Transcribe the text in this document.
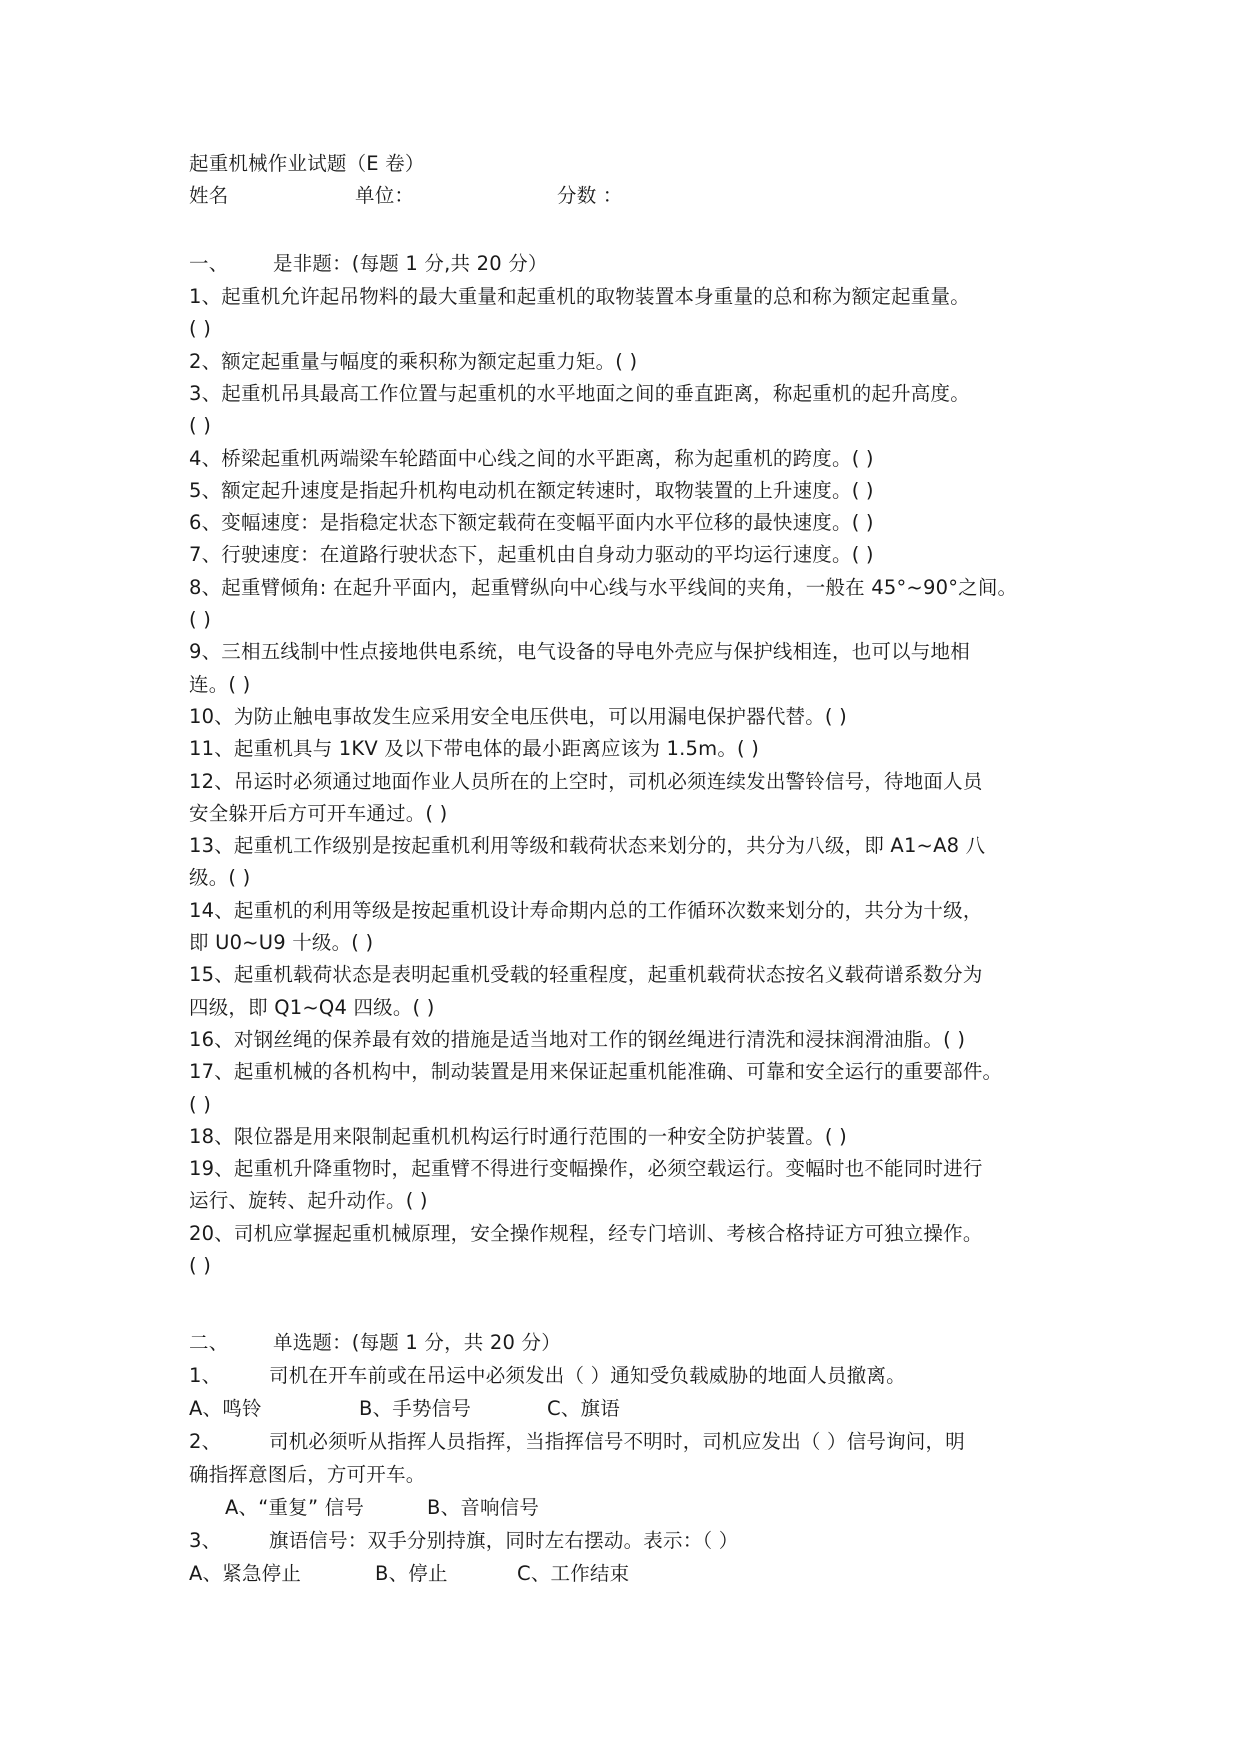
起重机械作业试题（E 卷）
姓名	单位：	分数 ：
一、 是非题：(每题 1 分,共 20 分）
1、起重机允许起吊物料的最大重量和起重机的取物装置本身重量的总和称为额定起重量。
( )
2、额定起重量与幅度的乘积称为额定起重力矩。( )
3、起重机吊具最高工作位置与起重机的水平地面之间的垂直距离，称起重机的起升高度。
( )
4、桥梁起重机两端梁车轮踏面中心线之间的水平距离，称为起重机的跨度。( )
5、额定起升速度是指起升机构电动机在额定转速时，取物装置的上升速度。( )
6、变幅速度：是指稳定状态下额定载荷在变幅平面内水平位移的最快速度。( )
7、行驶速度：在道路行驶状态下，起重机由自身动力驱动的平均运行速度。( )
8、起重臂倾角: 在起升平面内，起重臂纵向中心线与水平线间的夹角，一般在 45°~90°之间。
( )
9、三相五线制中性点接地供电系统，电气设备的导电外壳应与保护线相连，也可以与地相
连。( )
10、为防止触电事故发生应采用安全电压供电，可以用漏电保护器代替。( )
11、起重机具与 1KV 及以下带电体的最小距离应该为 1.5m。( )
12、吊运时必须通过地面作业人员所在的上空时，司机必须连续发出警铃信号，待地面人员
安全躲开后方可开车通过。( )
13、起重机工作级别是按起重机利用等级和载荷状态来划分的，共分为八级，即 A1~A8 八
级。( )
14、起重机的利用等级是按起重机设计寿命期内总的工作循环次数来划分的，共分为十级，
即 U0~U9 十级。( )
15、起重机载荷状态是表明起重机受载的轻重程度，起重机载荷状态按名义载荷谱系数分为
四级，即 Q1~Q4 四级。( )
16、对钢丝绳的保养最有效的措施是适当地对工作的钢丝绳进行清洗和浸抹润滑油脂。( )
17、起重机械的各机构中，制动装置是用来保证起重机能准确、可靠和安全运行的重要部件。
( )
18、限位器是用来限制起重机机构运行时通行范围的一种安全防护装置。( )
19、起重机升降重物时，起重臂不得进行变幅操作，必须空载运行。变幅时也不能同时进行
运行、旋转、起升动作。( )
20、司机应掌握起重机械原理，安全操作规程，经专门培训、考核合格持证方可独立操作。
( )
二、 单选题：(每题 1 分，共 20 分）
1、 司机在开车前或在吊运中必须发出（ ）通知受负载威胁的地面人员撤离。
A、鸣铃	B、手势信号	C、旗语
2、 司机必须听从指挥人员指挥，当指挥信号不明时，司机应发出（ ）信号询问，明
确指挥意图后，方可开车。
A、“重复” 信号	B、音响信号
3、 旗语信号：双手分别持旗，同时左右摆动。表示：（ ）
A、紧急停止	B、停止	C、工作结束
